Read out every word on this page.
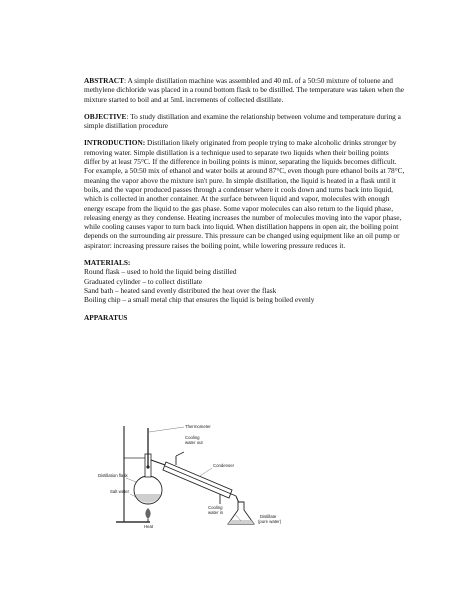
ABSTRACT: A simple distillation machine was assembled and 40 mL of a 50:50 mixture of toluene and methylene dichloride was placed in a round bottom flask to be distilled. The temperature was taken when the mixture started to boil and at 5mL increments of collected distillate.

OBJECTIVE: To study distillation and examine the relationship between volume and temperature during a simple distillation procedure

INTRODUCTION: Distillation likely originated from people trying to make alcoholic drinks stronger by removing water. Simple distillation is a technique used to separate two liquids when their boiling points differ by at least 75°C. If the difference in boiling points is minor, separating the liquids becomes difficult. For example, a 50:50 mix of ethanol and water boils at around 87°C, even though pure ethanol boils at 78°C, meaning the vapor above the mixture isn't pure. In simple distillation, the liquid is heated in a flask until it boils, and the vapor produced passes through a condenser where it cools down and turns back into liquid, which is collected in another container. At the surface between liquid and vapor, molecules with enough energy escape from the liquid to the gas phase. Some vapor molecules can also return to the liquid phase, releasing energy as they condense. Heating increases the number of molecules moving into the vapor phase, while cooling causes vapor to turn back into liquid. When distillation happens in open air, the boiling point depends on the surrounding air pressure. This pressure can be changed using equipment like an oil pump or aspirator: increasing pressure raises the boiling point, while lowering pressure reduces it.

MATERIALS:
Round flask – used to hold the liquid being distilled
Graduated cylinder – to collect distillate
Sand bath – heated sand evenly distributed the heat over the flask
Boiling chip – a small metal chip that ensures the liquid is being boiled evenly

APPARATUS

Thermometer
Cooling
water out
Condenser
Distillation flask
Salt water
Cooling
water in
Heat
Distillate
(pure water)
